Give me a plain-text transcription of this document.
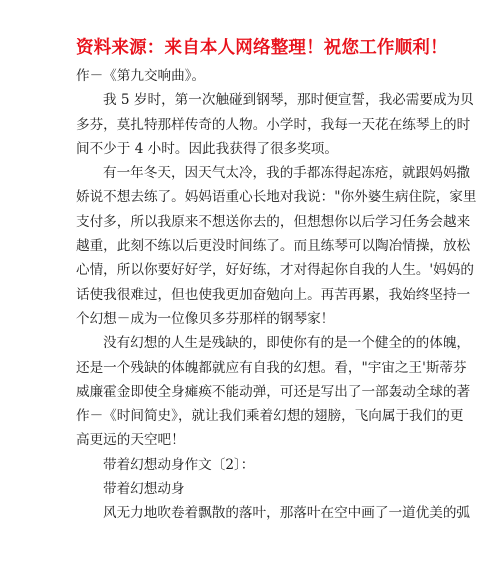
资料来源：来自本人网络整理！祝您工作顺利！
作－《第九交响曲》。
我 5 岁时，第一次触碰到钢琴，那时便宣誓，我必需要成为贝
多芬，莫扎特那样传奇的人物。小学时，我每一天花在练琴上的时
间不少于 4 小时。因此我获得了很多奖项。
有一年冬天，因天气太冷，我的手都冻得起冻疮，就跟妈妈撒
娇说不想去练了。妈妈语重心长地对我说："你外婆生病住院，家里
支付多，所以我原来不想送你去的，但想想你以后学习任务会越来
越重，此刻不练以后更没时间练了。而且练琴可以陶冶情操，放松
心情，所以你要好好学，好好练，才对得起你自我的人生。'妈妈的
话使我很难过，但也使我更加奋勉向上。再苦再累，我始终坚持一
个幻想－成为一位像贝多芬那样的钢琴家！
没有幻想的人生是残缺的，即使你有的是一个健全的的体魄，
还是一个残缺的体魄都就应有自我的幻想。看，"宇宙之王'斯蒂芬
威廉霍金即使全身瘫痪不能动弹，可还是写出了一部轰动全球的著
作－《时间简史》，就让我们乘着幻想的翅膀，飞向属于我们的更
高更远的天空吧！
带着幻想动身作文〔2〕：
带着幻想动身
风无力地吹卷着飘散的落叶，那落叶在空中画了一道优美的弧
